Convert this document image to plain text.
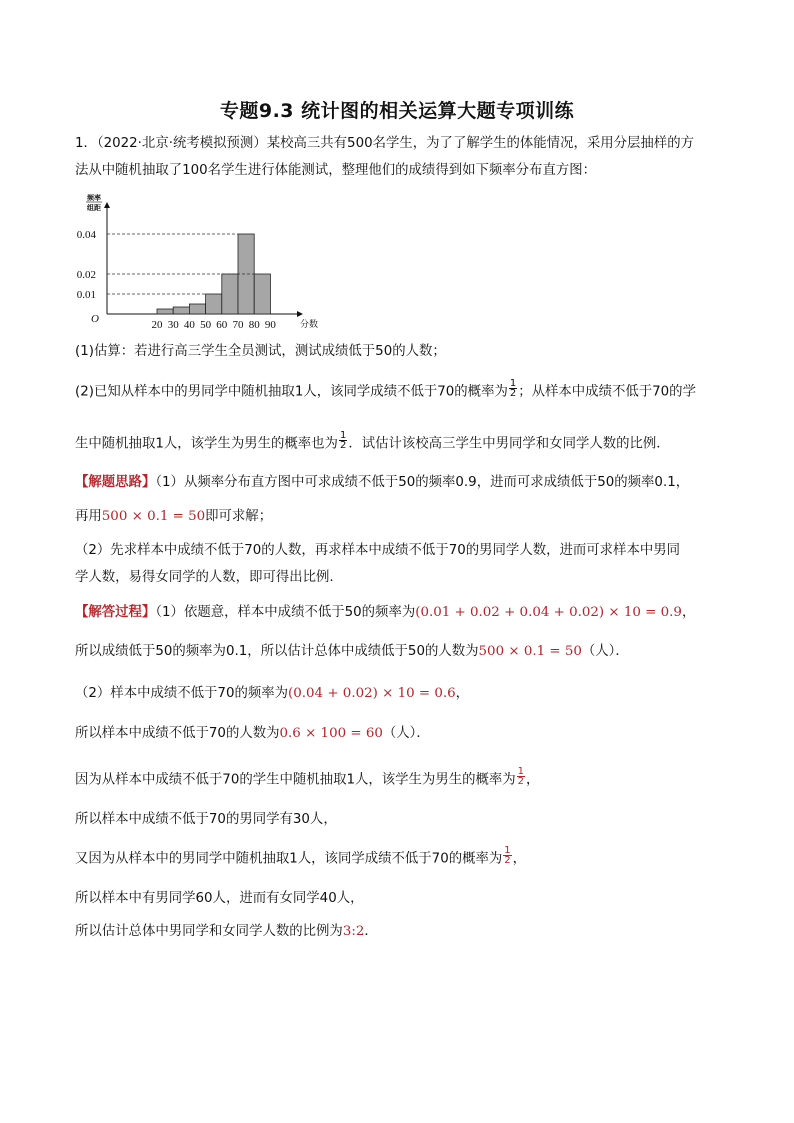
专题9.3 统计图的相关运算大题专项训练
1．（2022·北京·统考模拟预测）某校高三共有500名学生，为了了解学生的体能情况，采用分层抽样的方
法从中随机抽取了100名学生进行体能测试，整理他们的成绩得到如下频率分布直方图：
频率
组距
O
0.01
0.02
0.04
20 30 40 50 60 70 80 90	分数
(1)估算：若进行高三学生全员测试，测试成绩低于50的人数；
(2)已知从样本中的男同学中随机抽取1人，该同学成绩不低于70的概率为 $\frac{1}{2}$ ；从样本中成绩不低于70的学
生中随机抽取1人，该学生为男生的概率也为 $\frac{1}{2}$ ．试估计该校高三学生中男同学和女同学人数的比例．
【解题思路】（1）从频率分布直方图中可求成绩不低于50的频率0.9，进而可求成绩低于50的频率0.1，
再用500 × 0.1 = 50即可求解；
（2）先求样本中成绩不低于70的人数，再求样本中成绩不低于70的男同学人数，进而可求样本中男同
学人数，易得女同学的人数，即可得出比例.
【解答过程】（1）依题意，样本中成绩不低于50的频率为(0.01 + 0.02 + 0.04 + 0.02) × 10 = 0.9，
所以成绩低于50的频率为0.1，所以估计总体中成绩低于50的人数为500 × 0.1 = 50（人）．
（2）样本中成绩不低于70的频率为(0.04 + 0.02) × 10 = 0.6，
所以样本中成绩不低于70的人数为0.6 × 100 = 60（人）．
因为从样本中成绩不低于70的学生中随机抽取1人，该学生为男生的概率为 $\frac{1}{2}$ ，
所以样本中成绩不低于70的男同学有30人，
又因为从样本中的男同学中随机抽取1人，该同学成绩不低于70的概率为 $\frac{1}{2}$ ，
所以样本中有男同学60人，进而有女同学40人，
所以估计总体中男同学和女同学人数的比例为3:2．
